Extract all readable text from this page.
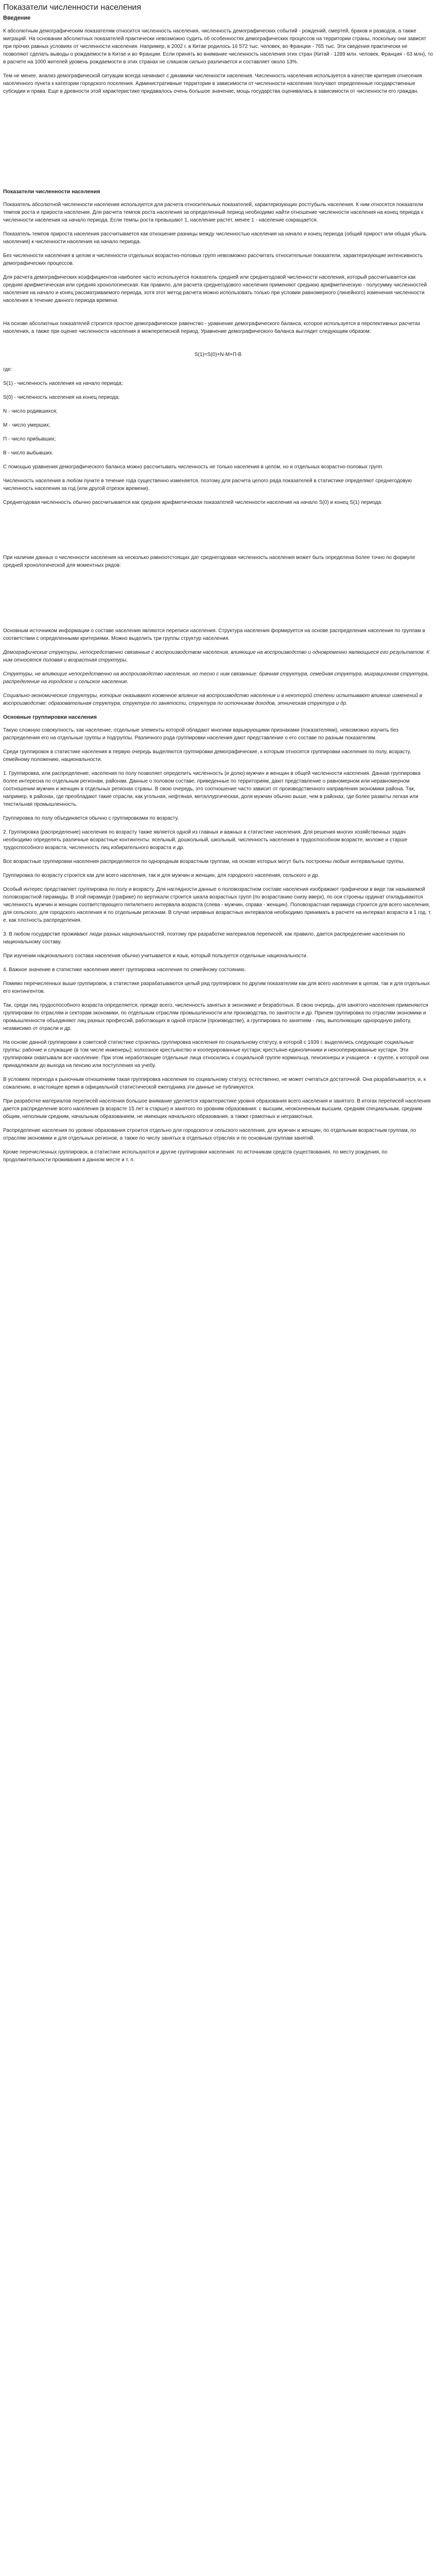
Показатели численности населения
Введение

К абсолютным демографическим показателям относится численность населения, численность демографических событий - рождений, смертей, браков и разводов, а также миграций. На основании абсолютных показателей практически невозможно судить об особенностях демографических процессов на территории страны, поскольку они зависят при прочих равных условиях от численности населения. Например, в 2002 г. в Китае родилось 16 572 тыс. человек, во Франции - 765 тыс. Эти сведения практически не позволяют сделать выводы о рождаемости в Китае и во Франции. Если принять во внимание численность населения этих стран (Китай - 1289 млн. человек, Франция - 63 млн), то в расчете на 1000 жителей уровень рождаемости в этих странах не слишком сильно различается и составляет около 13%.

Тем не менее, анализ демографической ситуации всегда начинают с динамики численности населения. Численность населения используется в качестве критерия отнесения населенного пункта к категории городского поселения. Административные территории в зависимости от численности населения получают определенные государственные субсидии и права. Еще в древности этой характеристике придавалось очень большое значение, мощь государства оценивалась в зависимости от численности его граждан.

Показатели численности населения

Показатель абсолютной численности населения используется для расчета относительных показателей, характеризующих ростгубыль населения. К ним относятся показатели темпов роста и прироста населения. Для расчета темпов роста населения за определенный период необходимо найти отношение численности населения на конец периода к численности населения на начало периода. Если темпы роста превышают 1, население растет, менее 1 - население сокращается.

Показатель темпов прироста населения рассчитывается как отношение разницы между численностью населения на начало и конец периода (общий прирост или общая убыль населения) к численности населения на начало периода.

Без численности населения в целом и численности отдельных возрастно-половых групп невозможно рассчитать относительные показатели, характеризующие интенсивность демографических процессов.

Для расчета демографических коэффициентов наиболее часто используется показатель средней или среднегодовой численности населения, который рассчитывается как средняя арифметическая или средняя хронологическая. Как правило, для расчета среднегодового населения применяют среднюю арифметическую - полусумму численностей населения на начало и конец рассматриваемого периода, хотя этот метод расчета можно использовать только при условии равномерного (линейного) изменения численности населения в течение данного периода времени.

На основе абсолютных показателей строится простое демографическое равенство - уравнение демографического баланса, которое используется в перспективных расчетах населения, а также при оценке численности населения в межпереписной период. Уравнение демографического баланса выглядит следующим образом:

S(1)=S(0)+N-M+П-В

где:

S(1) - численность населения на начало периода;

S(0) - численность населения на конец периода;

N - число родившихся;

M - число умерших;

П - число прибывших;

В - число выбывших.

С помощью уравнения демографического баланса можно рассчитывать численность не только населения в целом, но и отдельных возрастно-половых групп.

Численность населения в любом пункте в течение года существенно изменяется, поэтому для расчета целого ряда показателей в статистике определяют среднегодовую численность населения за год (или другой отрезок времени).

Среднегодовая численность обычно рассчитывается как средняя арифметическая показателей численности населения на начало S(0) и конец S(1) периода:

При наличии данных о численности населения на несколько равноотстоящих дат среднегодовая численность населения может быть определена более точно по формуле средней хронологической для моментных рядов:

Основным источником информации о составе населения являются переписи населения. Структура населения формируется на основе распределения населения по группам в соответствии с определенными критериями. Можно выделить три группы структур населения.

Демографические структуры, непосредственно связанные с воспроизводством населения, влияющие на воспроизводство и одновременно являющиеся его результатом. К ним относятся половая и возрастная структуры.

Структуры, не влияющие непосредственно на воспроизводство населения, но тесно с ним связанные: брачная структура, семейная структура, миграционная структура, распределение на городское и сельское население.

Социально-экономические структуры, которые оказывают косвенное влияние на воспроизводство населения и в некоторой степени испытывают влияние изменений в воспроизводстве: образовательная структура, структура по занятости, структура по источникам доходов, этническая структура и др.

Основные группировки населения

Такую сложную совокупность, как население, отдельные элементы которой обладают многими варьирующими признаками (показателями), невозможно изучить без распределения его на отдельные группы и подгруппы. Различного рода группировки населения дают представление о его составе по разным показателям.

Среди группировок в статистике населения в первую очередь выделяются группировки демографические, к которым относятся группировки населения по полу, возрасту, семейному положению, национальности.

1. Группировка, или распределение, населения по полу позволяет определить численность (и долю) мужчин и женщин в общей численности населения. Данная группировка более интересна по отдельным регионам, районам. Данные о половом составе, приведенные по территориям, дают представление о равномерном или неравномерном соотношении мужчин и женщин в отдельных регионах страны. В свою очередь, это соотношение часто зависит от производственного направления экономики района. Так, например, в районах, где преобладают такие отрасли, как угольная, нефтяная, металлургическая, доля мужчин обычно выше, чем в районах, где более развиты легкая или текстильная промышленность.

Группировка по полу объединяется обычно с группировками по возрасту.

2. Группировка (распределение) населения по возрасту также является одной из главных и важных в статистике населения. Для решения многих хозяйственных задач необходимо определять различные возрастные контингенты: ясельный, дошкольный, школьный, численность населения в трудоспособном возрасте, моложе и старше трудоспособного возраста; численность лиц избирательного возраста и др.

Все возрастные группировки населения распределяются по однородным возрастным группам, на основе которых могут быть построены любые интервальные группы.

Группировка по возрасту строится как для всего населения, так и для мужчин и женщин, для городского населения, сельского и др.

Особый интерес представляет группировка по полу и возрасту. Для наглядности данные о половозрастном составе населения изображают графически в виде так называемой половозрастной пирамиды. В этой пирамиде (графике) по вертикали строится шкала возрастных групп (по возрастанию снизу вверх), по оси строены ординат откладываются численность мужчин и женщин соответствующего пятилетнего интервала возраста (слева - мужчин, справа - женщин). Половозрастная пирамида строится для всего населения, для сельского, для городского населения и по отдельным регионам. В случае неравных возрастных интервалов необходимо принимать в расчете на интервал возраста в 1 год. т. е. как плотность распределения.

3. В любом государстве проживают люди разных национальностей, поэтому при разработке материалов переписей, как правило, дается распределение населения по национальному составу.

При изучении национального состава населения обычно учитывается и язык, который пользуется отдельные национальности.

4. Важное значение в статистике населения имеет группировка населения по семейному состоянию.

Помимо перечисленных выше группировок, в статистике разрабатываются целый ряд группировок по другим показателям как для всего населения в целом, так и для отдельных его контингентов.

Так, среди лиц трудоспособного возраста определяется, прежде всего, численность занятых в экономике и безработных. В свою очередь, для занятого населения применяются группировки по отраслям и секторам экономики, по отдельным отраслям промышленности или производства, по занятости и др. Причем группировка по отраслям экономики и промышленности объединяют лиц разных профессий, работающих в одной отрасли (производстве), а группировка по занятиям - лиц, выполняющих однородную работу, независимо от отрасли и др.

На основе данной группировки в советской статистике строилась группировка населения по социальному статусу, в которой с 1939 г. выделялись следующие социальные группы: рабочие и служащие (в том числе инженеры); колхозное крестьянство и кооперированные кустари; крестьяне-единоличники и некооперированные кустари. Эти группировки охватывали все население. При этом неработающие отдельные лица относились к социальной группе кормильца, пенсионеры и учащиеся - к группе, к которой они принадлежали до выхода на пенсию или поступления на учебу.

В условиях перехода к рыночным отношениям такая группировка населения по социальному статусу, естественно, не может считаться достаточной. Она разрабатывается, и, к сожалению, в настоящее время в официальной статистической ежегодника эти данные не публикуются.

При разработке материалов переписей населения большое внимание уделяется характеристике уровня образования всего населения и занятого. В итогах переписей населения дается распределение всего населения (в возрасте 15 лет и старше) и занятого по уровням образования: с высшим, неоконченным высшим, средним специальным, средним общим, неполным средним, начальным образованием, не имеющих начального образования, а также грамотных и неграмотных.

Распределение населения по уровню образования строится отдельно для городского и сельского населения, для мужчин и женщин, по отдельным возрастным группам, по отраслям экономики и для отдельных регионов, а также по числу занятых в отдельных отраслях и по основным группам занятий.

Кроме перечисленных группировок, в статистике используются и другие группировки населения: по источникам средств существования, по месту рождения, по продолжительности проживания в данном месте и т. п.
